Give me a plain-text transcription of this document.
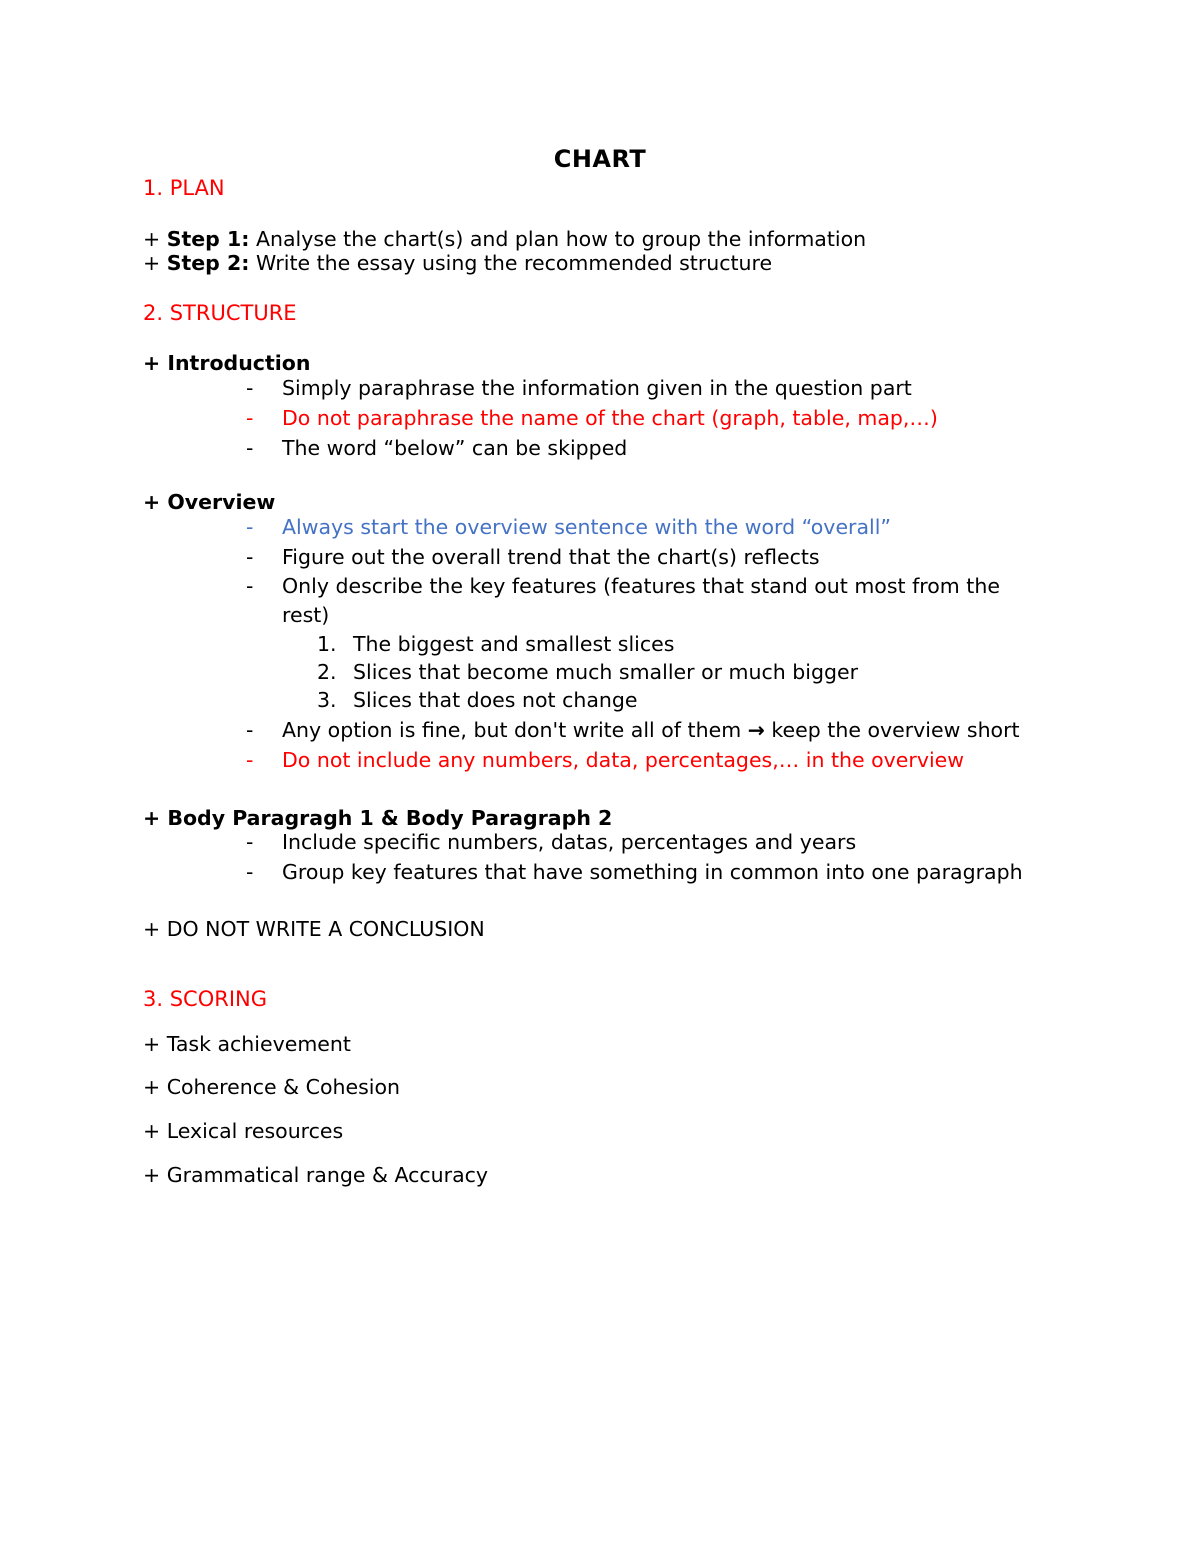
CHART
1. PLAN
+ Step 1: Analyse the chart(s) and plan how to group the information
+ Step 2: Write the essay using the recommended structure
2. STRUCTURE
+ Introduction
- Simply paraphrase the information given in the question part
- Do not paraphrase the name of the chart (graph, table, map,…)
- The word “below” can be skipped
+ Overview
- Always start the overview sentence with the word “overall”
- Figure out the overall trend that the chart(s) reflects
- Only describe the key features (features that stand out most from the
rest)
1. The biggest and smallest slices
2. Slices that become much smaller or much bigger
3. Slices that does not change
- Any option is fine, but don't write all of them → keep the overview short
- Do not include any numbers, data, percentages,… in the overview
+ Body Paragragh 1 & Body Paragraph 2
- Include specific numbers, datas, percentages and years
- Group key features that have something in common into one paragraph
+ DO NOT WRITE A CONCLUSION
3. SCORING
+ Task achievement
+ Coherence & Cohesion
+ Lexical resources
+ Grammatical range & Accuracy
